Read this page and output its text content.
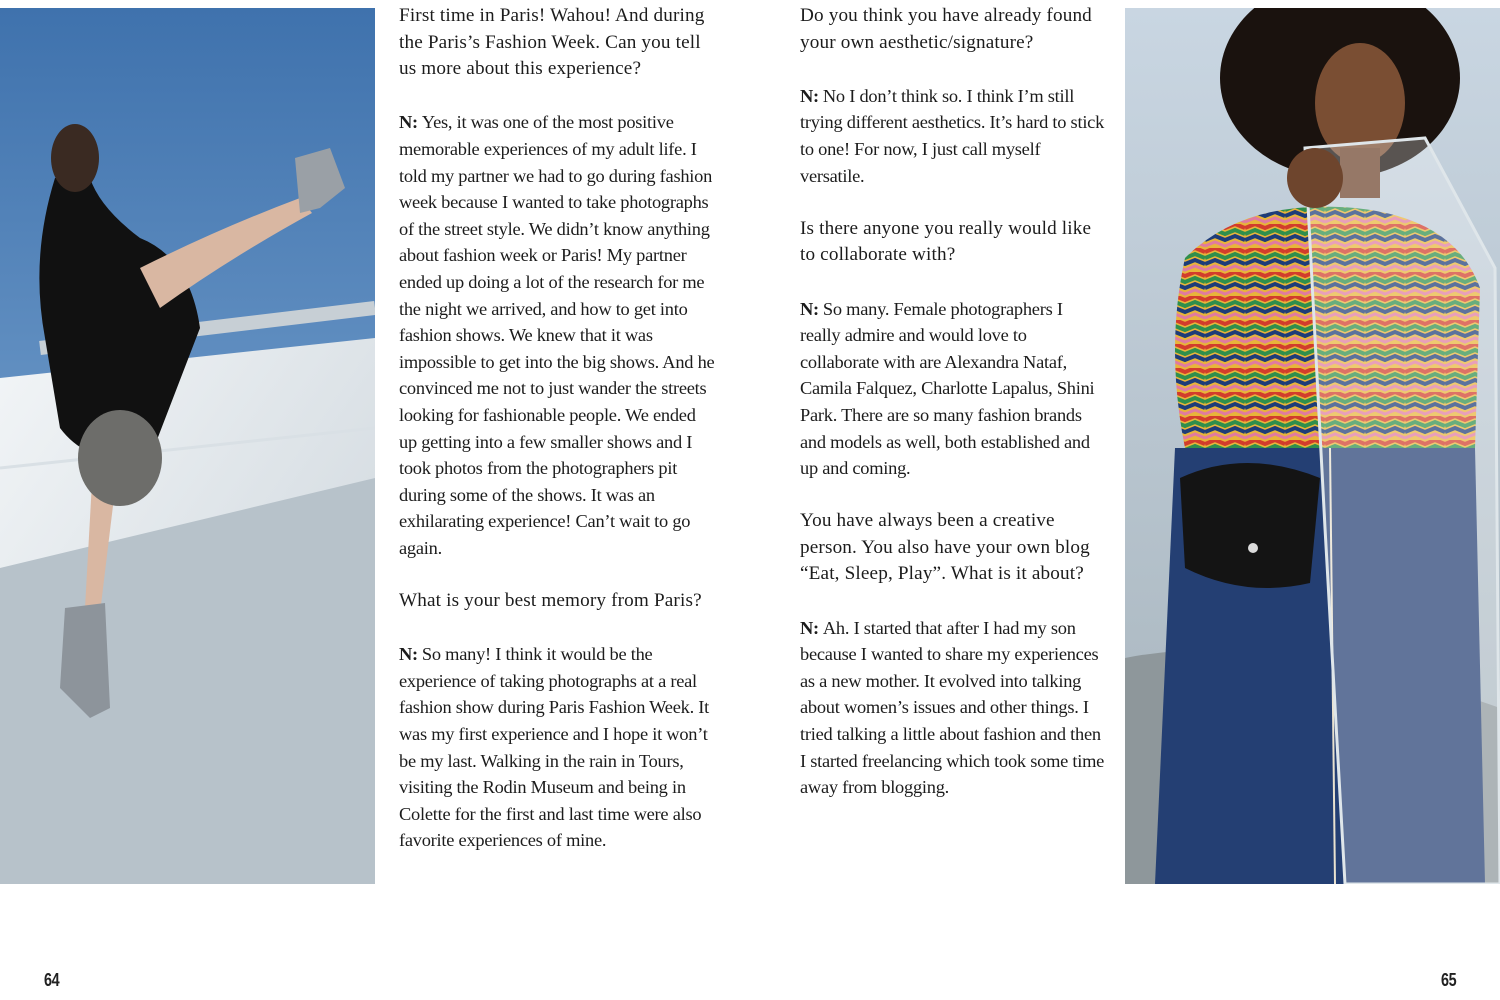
First time in Paris! Wahou! And during the Paris’s Fashion Week. Can you tell us more about this experience?

N: Yes, it was one of the most positive memorable experiences of my adult life. I told my partner we had to go during fashion week because I wanted to take photographs of the street style. We didn’t know anything about fashion week or Paris! My partner ended up doing a lot of the research for me the night we arrived, and how to get into fashion shows. We knew that it was impossible to get into the big shows. And he convinced me not to just wander the streets looking for fashionable people. We ended up getting into a few smaller shows and I took photos from the photographers pit during some of the shows. It was an exhilarating experience! Can’t wait to go again.

What is your best memory from Paris?

N: So many! I think it would be the experience of taking photographs at a real fashion show during Paris Fashion Week. It was my first experience and I hope it won’t be my last. Walking in the rain in Tours, visiting the Rodin Museum and being in Colette for the first and last time were also favorite experiences of mine.

Do you think you have already found your own aesthetic/signature?

N: No I don’t think so. I think I’m still trying different aesthetics. It’s hard to stick to one! For now, I just call myself versatile.

Is there anyone you really would like to collaborate with?

N: So many. Female photographers I really admire and would love to collaborate with are Alexandra Nataf, Camila Falquez, Charlotte Lapalus, Shini Park. There are so many fashion brands and models as well, both established and up and coming.

You have always been a creative person. You also have your own blog “Eat, Sleep, Play”. What is it about?

N: Ah. I started that after I had my son because I wanted to share my experiences as a new mother. It evolved into talking about women’s issues and other things. I tried talking a little about fashion and then I started freelancing which took some time away from blogging.

64	65
